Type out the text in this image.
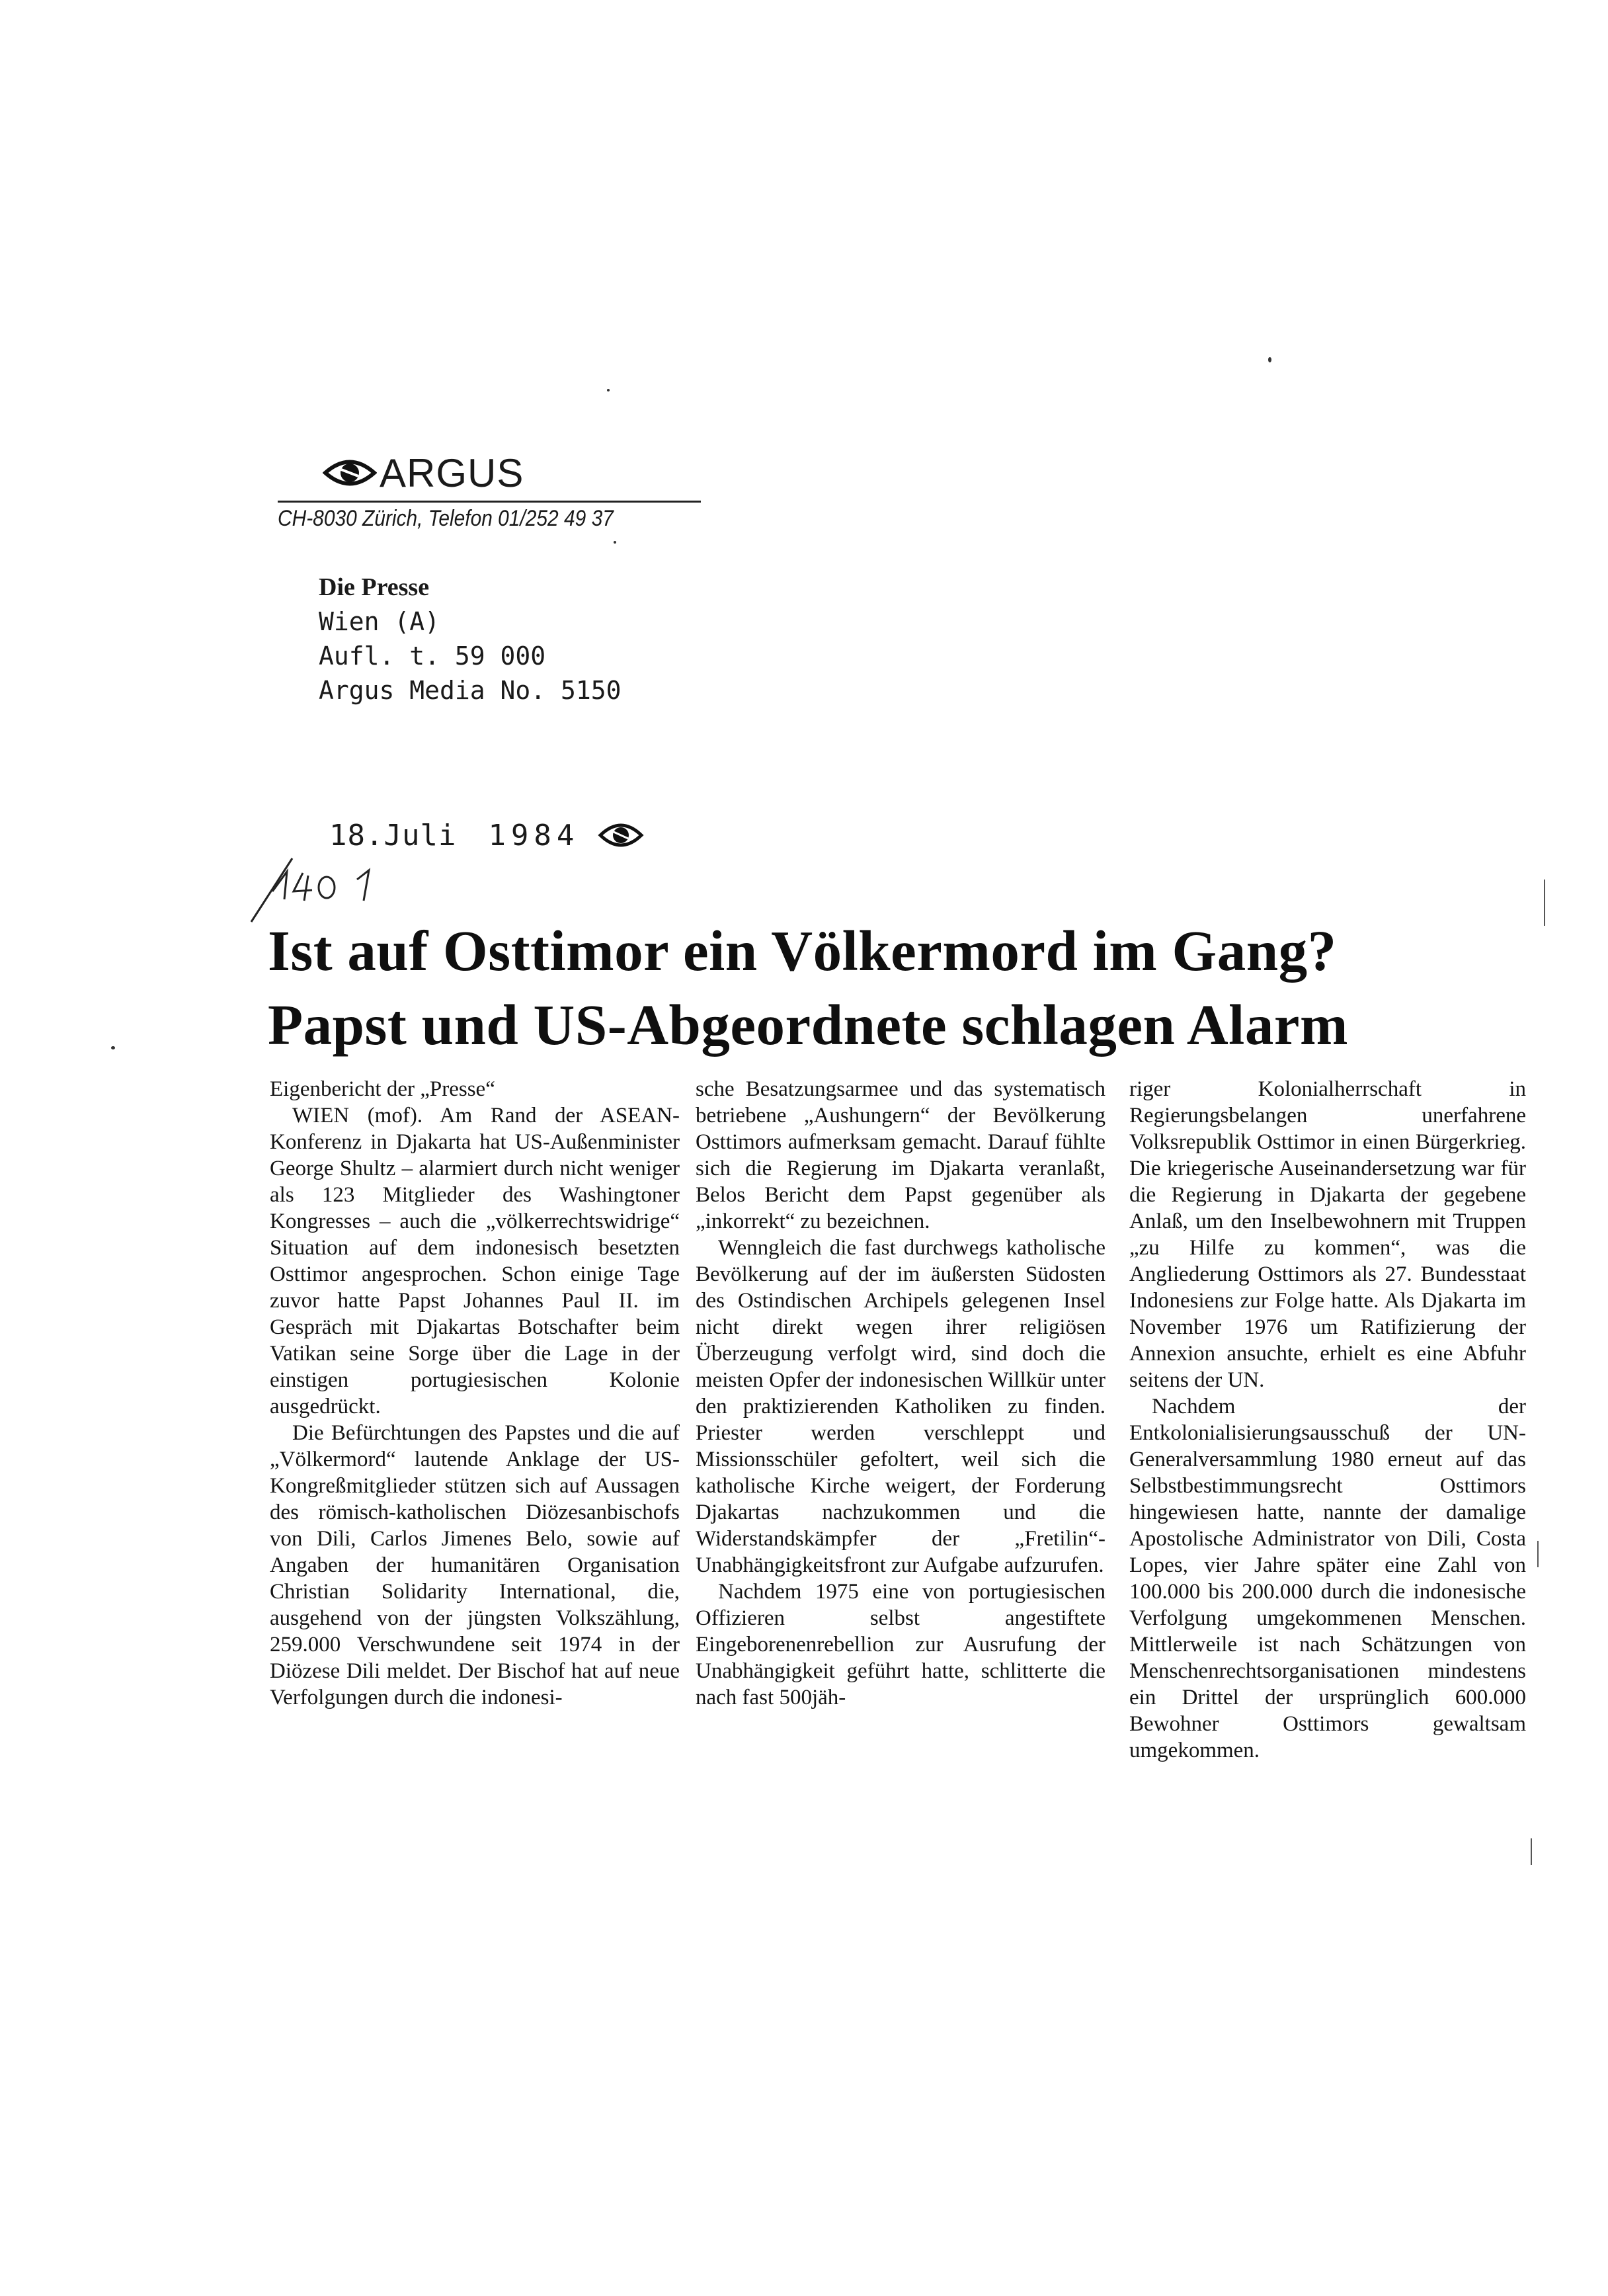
ARGUS
CH-8030 Zürich, Telefon 01/252 49 37
Die Presse
Wien (A)
Aufl. t. 59 000
Argus Media No. 5150
18.Juli 1984
Ist auf Osttimor ein Völkermord im Gang?
Papst und US-Abgeordnete schlagen Alarm

Eigenbericht der „Presse“

WIEN (mof). Am Rand der ASEAN-Konferenz in Djakarta hat US-Außenminister George Shultz – alarmiert durch nicht weniger als 123 Mitglieder des Washingtoner Kongresses – auch die „völkerrechtswidrige“ Situation auf dem indonesisch besetzten Osttimor angesprochen. Schon einige Tage zuvor hatte Papst Johannes Paul II. im Gespräch mit Djakartas Botschafter beim Vatikan seine Sorge über die Lage in der einstigen portugiesischen Kolonie ausgedrückt.

Die Befürchtungen des Papstes und die auf „Völkermord“ lautende Anklage der US-Kongreßmitglieder stützen sich auf Aussagen des römisch-katholischen Diözesanbischofs von Dili, Carlos Jimenes Belo, sowie auf Angaben der humanitären Organisation Christian Solidarity International, die, ausgehend von der jüngsten Volkszählung, 259.000 Verschwundene seit 1974 in der Diözese Dili meldet. Der Bischof hat auf neue Verfolgungen durch die indonesi-

sche Besatzungsarmee und das systematisch betriebene „Aushungern“ der Bevölkerung Osttimors aufmerksam gemacht. Darauf fühlte sich die Regierung im Djakarta veranlaßt, Belos Bericht dem Papst gegenüber als „inkorrekt“ zu bezeichnen.

Wenngleich die fast durchwegs katholische Bevölkerung auf der im äußersten Südosten des Ostindischen Archipels gelegenen Insel nicht direkt wegen ihrer religiösen Überzeugung verfolgt wird, sind doch die meisten Opfer der indonesischen Willkür unter den praktizierenden Katholiken zu finden. Priester werden verschleppt und Missionsschüler gefoltert, weil sich die katholische Kirche weigert, der Forderung Djakartas nachzukommen und die Widerstandskämpfer der „Fretilin“-Unabhängigkeitsfront zur Aufgabe aufzurufen.

Nachdem 1975 eine von portugiesischen Offizieren selbst angestiftete Eingeborenenrebellion zur Ausrufung der Unabhängigkeit geführt hatte, schlitterte die nach fast 500jäh-

riger Kolonialherrschaft in Regierungsbelangen unerfahrene Volksrepublik Osttimor in einen Bürgerkrieg. Die kriegerische Auseinandersetzung war für die Regierung in Djakarta der gegebene Anlaß, um den Inselbewohnern mit Truppen „zu Hilfe zu kommen“, was die Angliederung Osttimors als 27. Bundesstaat Indonesiens zur Folge hatte. Als Djakarta im November 1976 um Ratifizierung der Annexion ansuchte, erhielt es eine Abfuhr seitens der UN.

Nachdem der Entkolonialisierungsausschuß der UN-Generalversammlung 1980 erneut auf das Selbstbestimmungsrecht Osttimors hingewiesen hatte, nannte der damalige Apostolische Administrator von Dili, Costa Lopes, vier Jahre später eine Zahl von 100.000 bis 200.000 durch die indonesische Verfolgung umgekommenen Menschen. Mittlerweile ist nach Schätzungen von Menschenrechtsorganisationen mindestens ein Drittel der ursprünglich 600.000 Bewohner Osttimors gewaltsam umgekommen.
